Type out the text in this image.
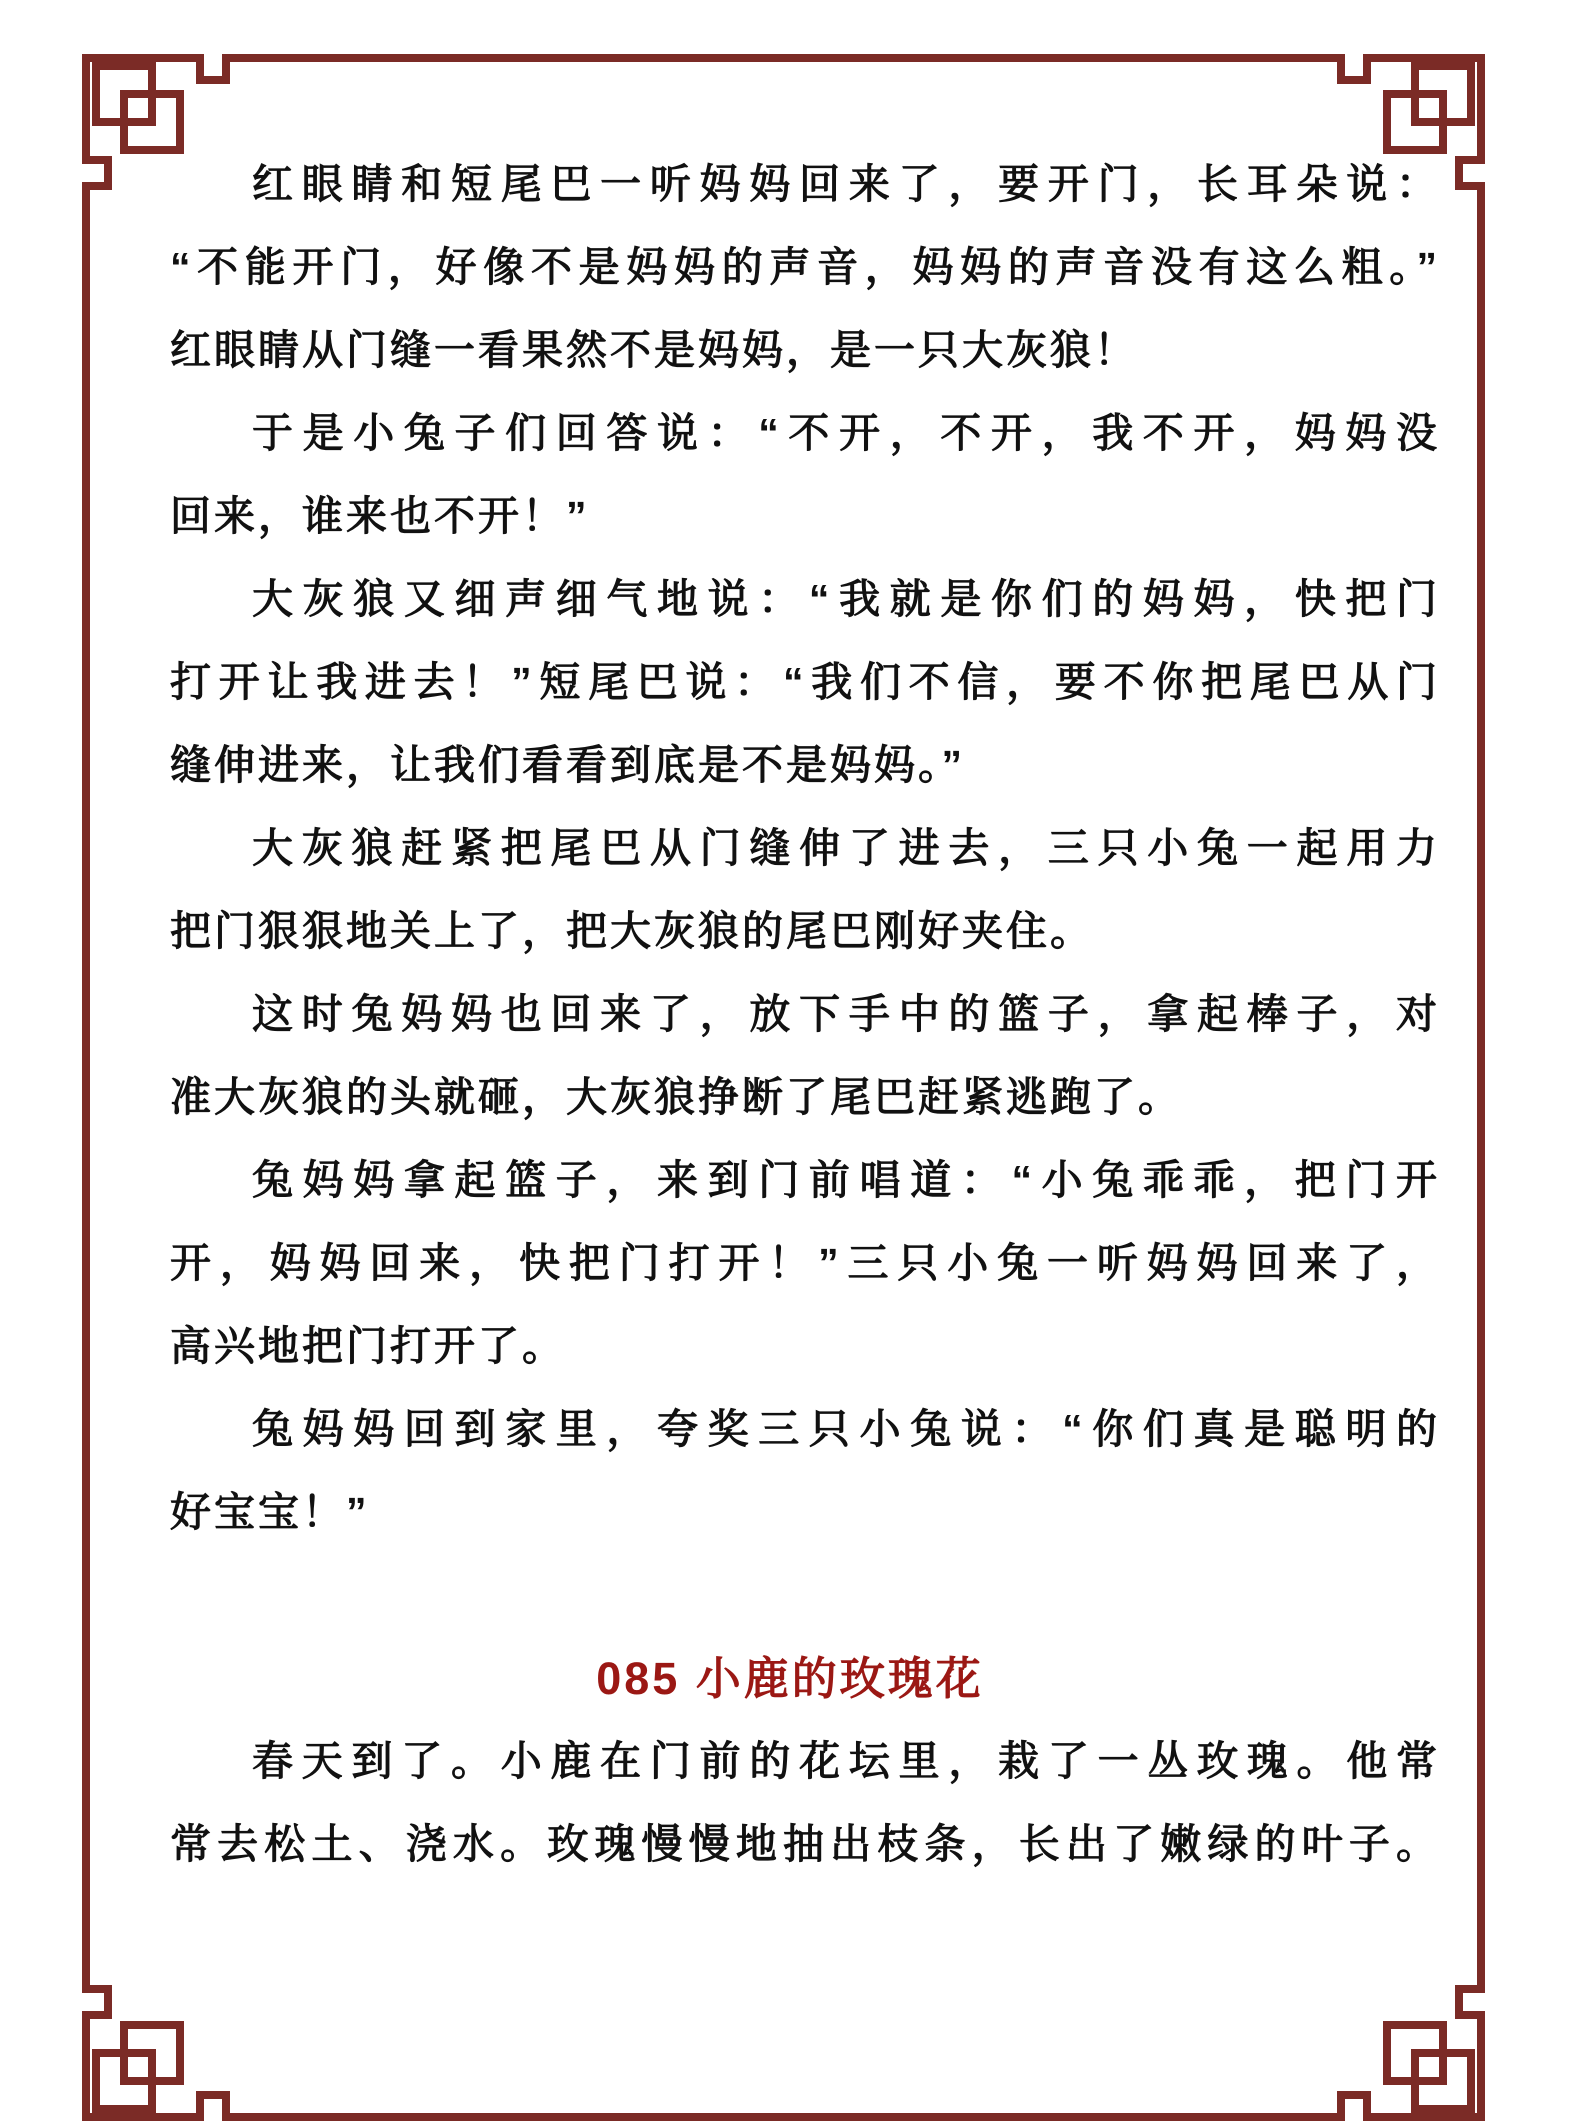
红眼睛和短尾巴一听妈妈回来了，要开门，长耳朵说：
“不能开门，好像不是妈妈的声音，妈妈的声音没有这么粗。”
红眼睛从门缝一看果然不是妈妈，是一只大灰狼！
于是小兔子们回答说：“不开，不开，我不开，妈妈没
回来，谁来也不开！”
大灰狼又细声细气地说：“我就是你们的妈妈，快把门
打开让我进去！”短尾巴说：“我们不信，要不你把尾巴从门
缝伸进来，让我们看看到底是不是妈妈。”
大灰狼赶紧把尾巴从门缝伸了进去，三只小兔一起用力
把门狠狠地关上了，把大灰狼的尾巴刚好夹住。
这时兔妈妈也回来了，放下手中的篮子，拿起棒子，对
准大灰狼的头就砸，大灰狼挣断了尾巴赶紧逃跑了。
兔妈妈拿起篮子，来到门前唱道：“小兔乖乖，把门开
开，妈妈回来，快把门打开！”三只小兔一听妈妈回来了，
高兴地把门打开了。
兔妈妈回到家里，夸奖三只小兔说：“你们真是聪明的
好宝宝！”
085 小鹿的玫瑰花
春天到了。小鹿在门前的花坛里，栽了一丛玫瑰。他常
常去松土、浇水。玫瑰慢慢地抽出枝条，长出了嫩绿的叶子。
